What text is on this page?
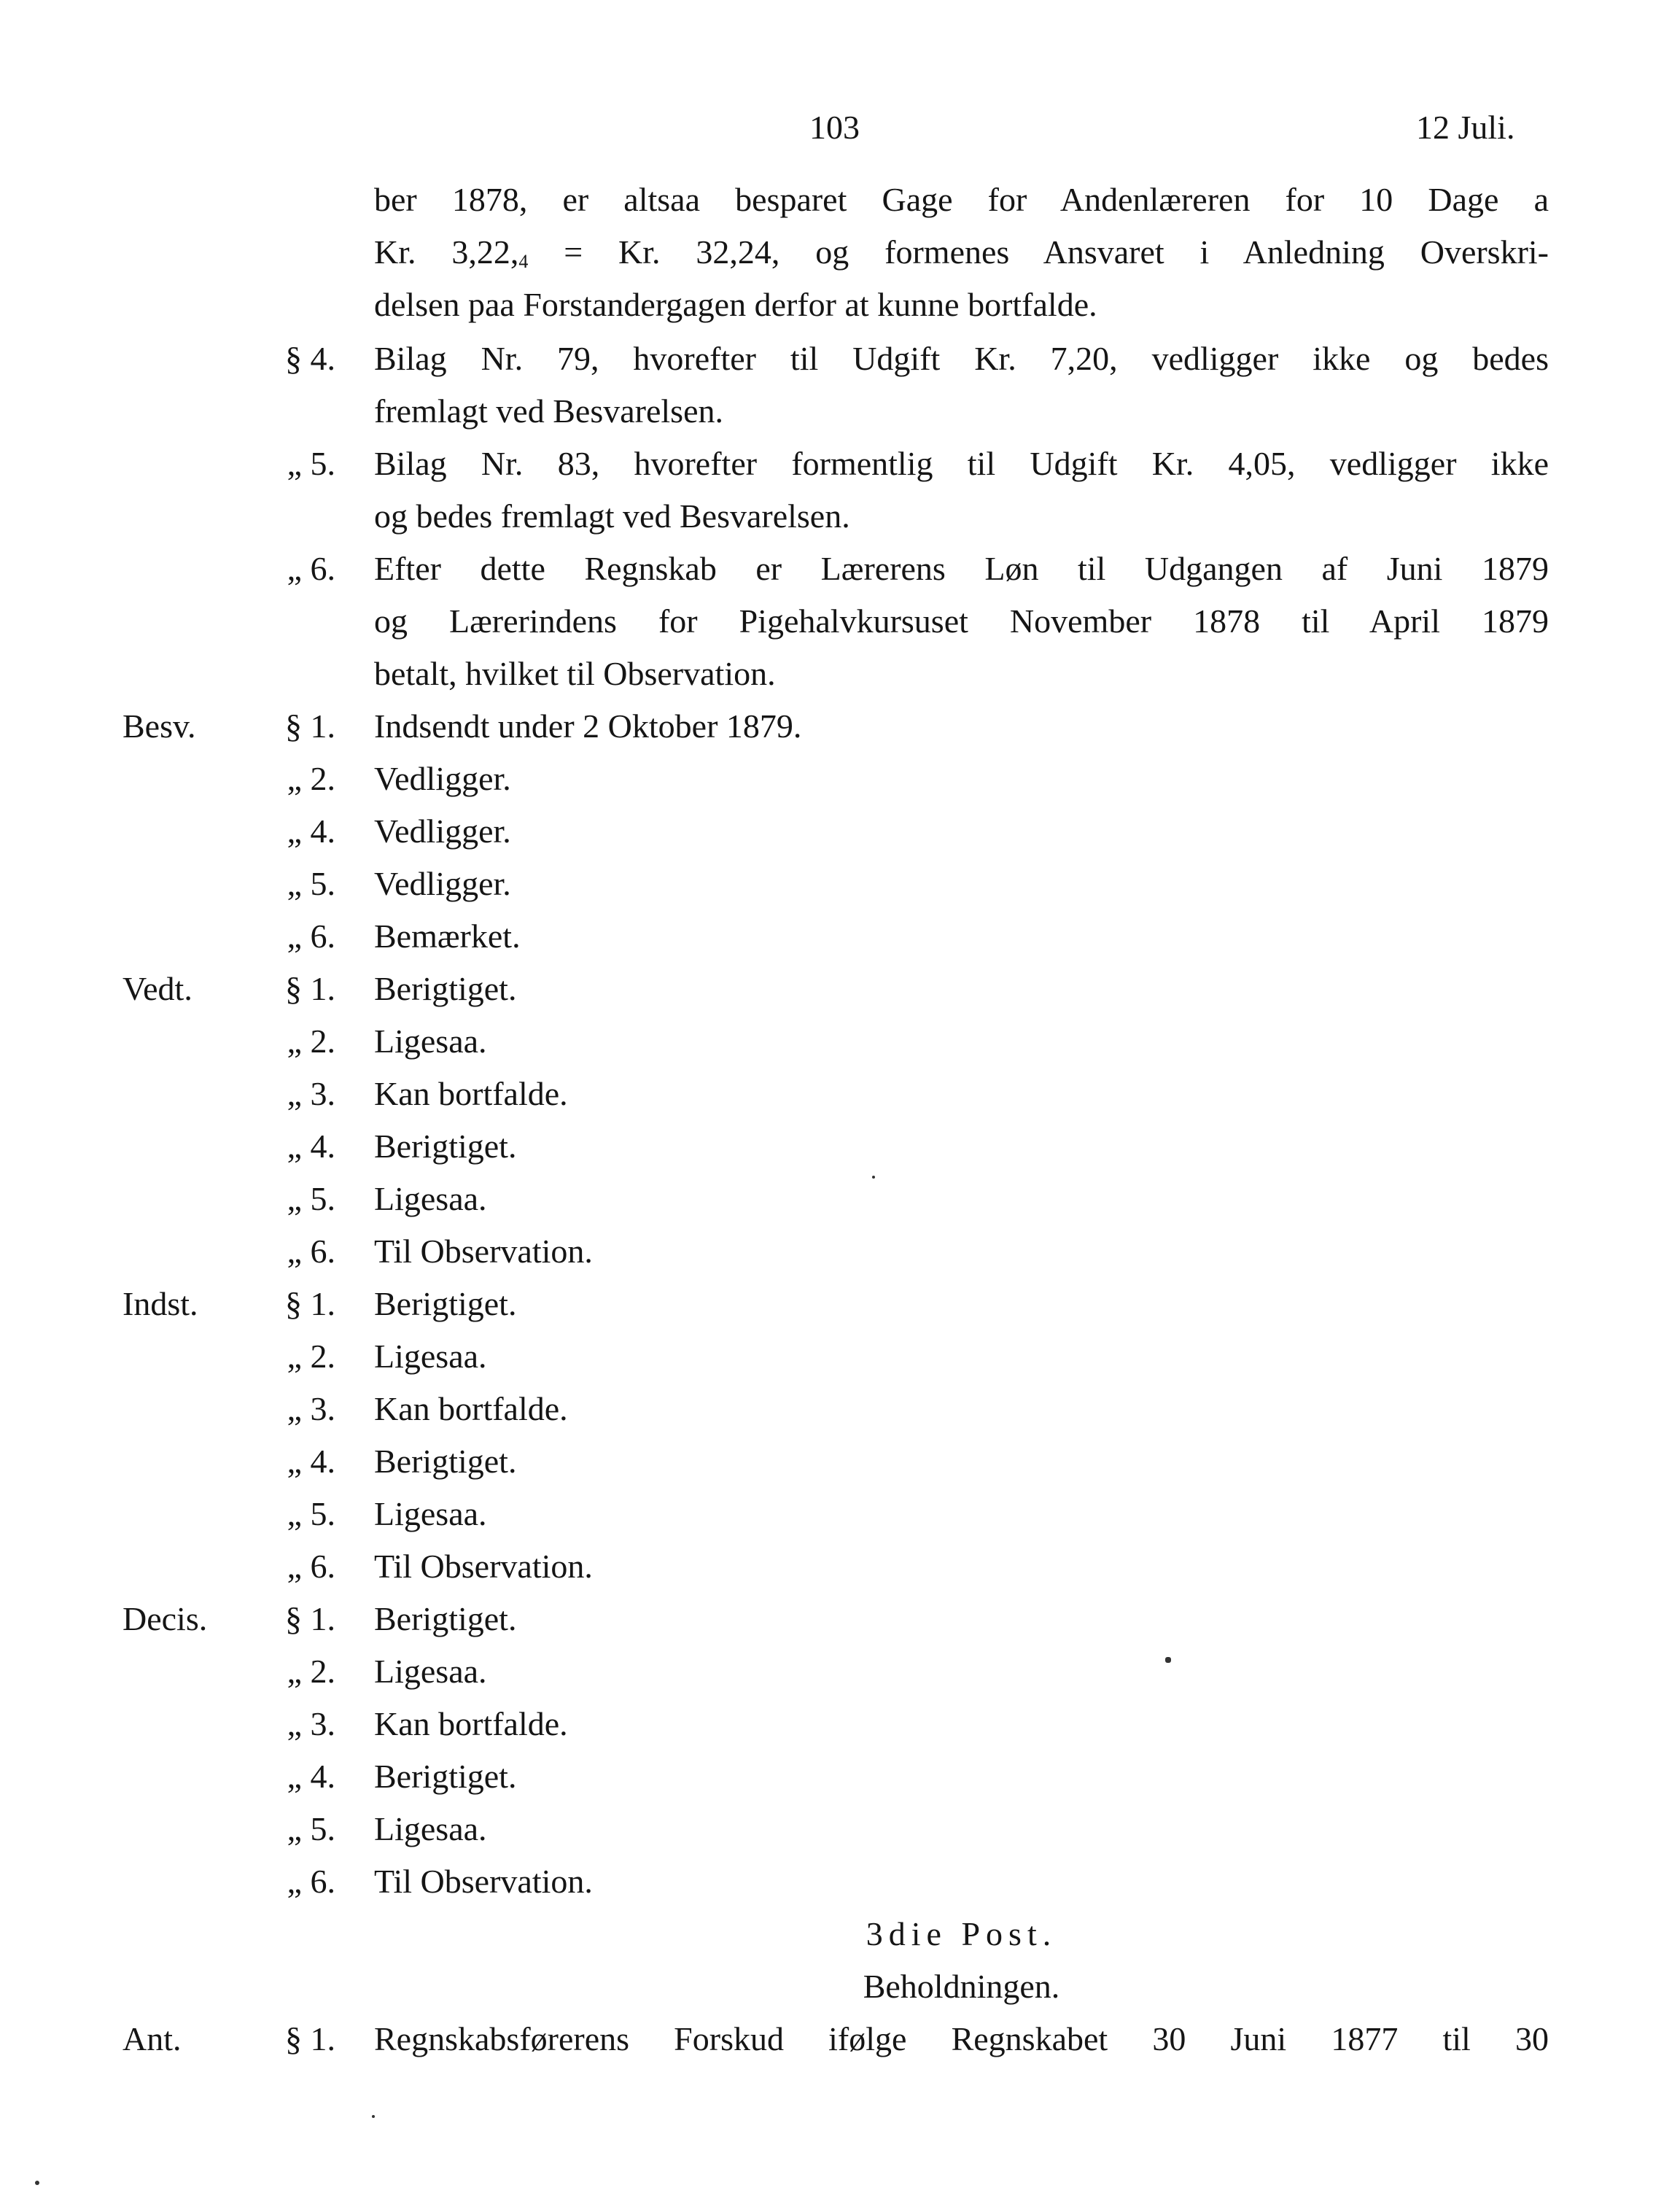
103	12 Juli.
ber 1878, er altsaa besparet Gage for Andenlæreren for 10 Dage a
Kr. $3,22,_4 = Kr$. 32,24, og formenes Ansvaret i Anledning Overskri-
delsen paa Forstandergagen derfor at kunne bortfalde.
§ 4. Bilag Nr. 79, hvorefter til Udgift Kr. 7,20, vedligger ikke og bedes
fremlagt ved Besvarelsen.
„ 5. Bilag Nr. 83, hvorefter formentlig til Udgift Kr. 4,05, vedligger ikke
og bedes fremlagt ved Besvarelsen.
„ 6. Efter dette Regnskab er Lærerens Løn til Udgangen af Juni 1879
og Lærerindens for Pigehalvkursuset November 1878 til April 1879
betalt, hvilket til Observation.
Besv.	§ 1. Indsendt under 2 Oktober 1879.
„ 2. Vedligger.
„ 4. Vedligger.
„ 5. Vedligger.
„ 6. Bemærket.
Vedt.	§ 1. Berigtiget.
„ 2. Ligesaa.
„ 3. Kan bortfalde.
„ 4. Berigtiget.
„ 5. Ligesaa.
„ 6. Til Observation.
Indst.	§ 1. Berigtiget.
„ 2. Ligesaa.
„ 3. Kan bortfalde.
„ 4. Berigtiget.
„ 5. Ligesaa.
„ 6. Til Observation.
Decis.	§ 1. Berigtiget.
„ 2. Ligesaa.
„ 3. Kan bortfalde.
„ 4. Berigtiget.
„ 5. Ligesaa.
„ 6. Til Observation.
3die Post.
Beholdningen.
Ant.	§ 1. Regnskabsførerens Forskud ifølge Regnskabet 30 Juni 1877 til 30
